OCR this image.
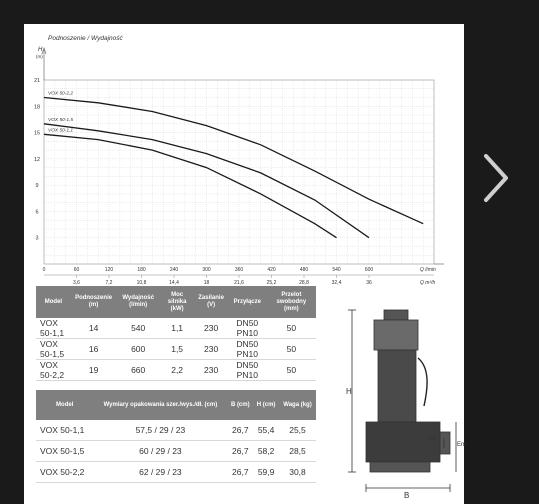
Podnoszenie / Wydajność
H
(m)
3
6
9
12
15
18
21
0	60	120	180	240	300	360	420	480	540	600	Q l/min
3,6	7,2	10,8	14,4	18	21,6	25,2	28,8	32,4	36	Q m³/h
VOX 50-2,2
VOX 50-1,5
VOX 50-1,1
Model	Podnoszenie (m)	Wydajność (l/min)	Moc silnika (kW)	Zasilanie (V)	Przyłącze	Przelot swobodny (mm)
VOX 50-1,1	14	540	1,1	230	DN50 PN10	50
VOX 50-1,5	16	600	1,5	230	DN50 PN10	50
VOX 50-2,2	19	660	2,2	230	DN50 PN10	50
Model	Wymiary opakowania szer./wys./dł. (cm)	B (cm)	H (cm)	Waga (kg)
VOX 50-1,1	57,5 / 29 / 23	26,7	55,4	25,5
VOX 50-1,5	60 / 29 / 23	26,7	58,2	28,5
VOX 50-2,2	62 / 29 / 23	26,7	59,9	30,8
H
B
DN
Em
